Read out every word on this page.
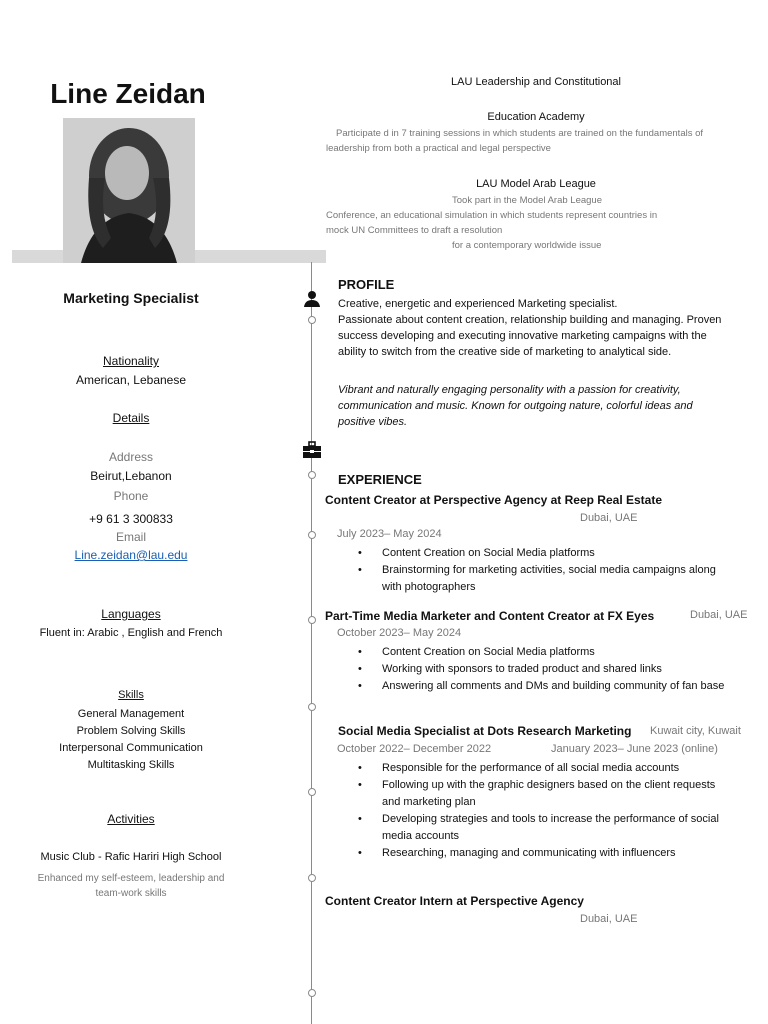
Line Zeidan
Marketing Specialist
Nationality
American, Lebanese
Details
Address
Beirut,Lebanon
Phone
+9 61 3 300833
Email
Line.zeidan@lau.edu
Languages
Fluent in: Arabic , English and French
Skills
General Management
Problem Solving Skills
Interpersonal Communication
Multitasking Skills
Activities
Music Club - Rafic Hariri High School
Enhanced my self-esteem, leadership and
team-work skills
LAU Leadership and Constitutional
Education Academy
Participate d in 7 training sessions in which students are trained on the fundamentals of
leadership from both a practical and legal perspective
LAU Model Arab League
Took part in the Model Arab League
Conference, an educational simulation in which students represent countries in
mock UN Committees to draft a resolution
for a contemporary worldwide issue
PROFILE
Creative, energetic and experienced Marketing specialist.
Passionate about content creation, relationship building and managing. Proven
success developing and executing innovative marketing campaigns with the
ability to switch from the creative side of marketing to analytical side.
Vibrant and naturally engaging personality with a passion for creativity,
communication and music. Known for outgoing nature, colorful ideas and
positive vibes.
EXPERIENCE
Content Creator at Perspective Agency at Reep Real Estate
Dubai, UAE
July 2023– May 2024
• Content Creation on Social Media platforms
• Brainstorming for marketing activities, social media campaigns along
with photographers
Part-Time Media Marketer and Content Creator at FX Eyes	Dubai, UAE
October 2023– May 2024
• Content Creation on Social Media platforms
• Working with sponsors to traded product and shared links
• Answering all comments and DMs and building community of fan base
Social Media Specialist at Dots Research Marketing Kuwait city, Kuwait
October 2022– December 2022	January 2023– June 2023 (online)
• Responsible for the performance of all social media accounts
• Following up with the graphic designers based on the client requests
and marketing plan
• Developing strategies and tools to increase the performance of social
media accounts
• Researching, managing and communicating with influencers
Content Creator Intern at Perspective Agency
Dubai, UAE
